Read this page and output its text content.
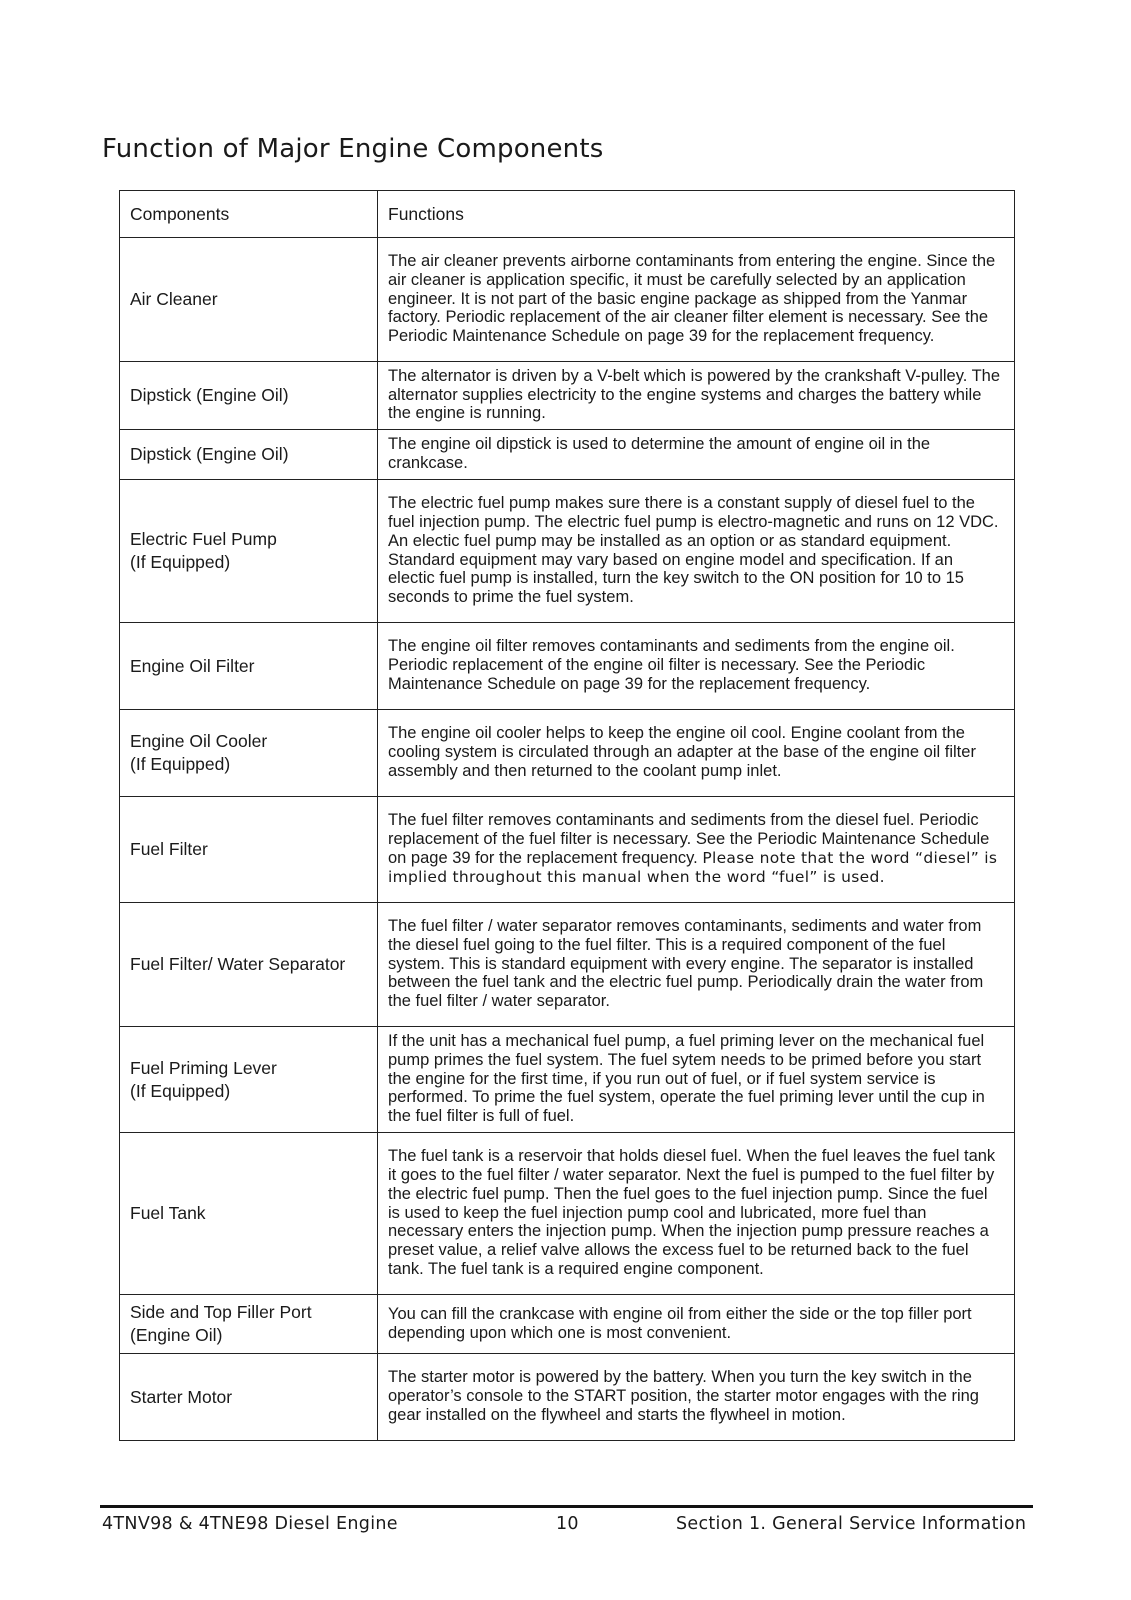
Function of Major Engine Components
Components	Functions
Air Cleaner	The air cleaner prevents airborne contaminants from entering the engine. Since the air cleaner is application specific, it must be carefully selected by an application engineer. It is not part of the basic engine package as shipped from the Yanmar factory. Periodic replacement of the air cleaner filter element is necessary. See the Periodic Maintenance Schedule on page 39 for the replacement frequency.
Dipstick (Engine Oil)	The alternator is driven by a V-belt which is powered by the crankshaft V-pulley. The alternator supplies electricity to the engine systems and charges the battery while the engine is running.
Dipstick (Engine Oil)	The engine oil dipstick is used to determine the amount of engine oil in the crankcase.
Electric Fuel Pump
(If Equipped)	The electric fuel pump makes sure there is a constant supply of diesel fuel to the fuel injection pump. The electric fuel pump is electro-magnetic and runs on 12 VDC. An electic fuel pump may be installed as an option or as standard equipment. Standard equipment may vary based on engine model and specification. If an electic fuel pump is installed, turn the key switch to the ON position for 10 to 15 seconds to prime the fuel system.
Engine Oil Filter	The engine oil filter removes contaminants and sediments from the engine oil. Periodic replacement of the engine oil filter is necessary. See the Periodic Maintenance Schedule on page 39 for the replacement frequency.
Engine Oil Cooler
(If Equipped)	The engine oil cooler helps to keep the engine oil cool. Engine coolant from the cooling system is circulated through an adapter at the base of the engine oil filter assembly and then returned to the coolant pump inlet.
Fuel Filter	The fuel filter removes contaminants and sediments from the diesel fuel. Periodic replacement of the fuel filter is necessary. See the Periodic Maintenance Schedule on page 39 for the replacement frequency. Please note that the word “diesel” is implied throughout this manual when the word “fuel” is used.
Fuel Filter/ Water Separator	The fuel filter / water separator removes contaminants, sediments and water from the diesel fuel going to the fuel filter. This is a required component of the fuel system. This is standard equipment with every engine. The separator is installed between the fuel tank and the electric fuel pump. Periodically drain the water from the fuel filter / water separator.
Fuel Priming Lever
(If Equipped)	If the unit has a mechanical fuel pump, a fuel priming lever on the mechanical fuel pump primes the fuel system. The fuel sytem needs to be primed before you start the engine for the first time, if you run out of fuel, or if fuel system service is performed. To prime the fuel system, operate the fuel priming lever until the cup in the fuel filter is full of fuel.
Fuel Tank	The fuel tank is a reservoir that holds diesel fuel. When the fuel leaves the fuel tank it goes to the fuel filter / water separator. Next the fuel is pumped to the fuel filter by the electric fuel pump. Then the fuel goes to the fuel injection pump. Since the fuel is used to keep the fuel injection pump cool and lubricated, more fuel than necessary enters the injection pump. When the injection pump pressure reaches a preset value, a relief valve allows the excess fuel to be returned back to the fuel tank. The fuel tank is a required engine component.
Side and Top Filler Port
(Engine Oil)	You can fill the crankcase with engine oil from either the side or the top filler port depending upon which one is most convenient.
Starter Motor	The starter motor is powered by the battery. When you turn the key switch in the operator’s console to the START position, the starter motor engages with the ring gear installed on the flywheel and starts the flywheel in motion.
4TNV98 & 4TNE98 Diesel Engine	10	Section 1. General Service Information
